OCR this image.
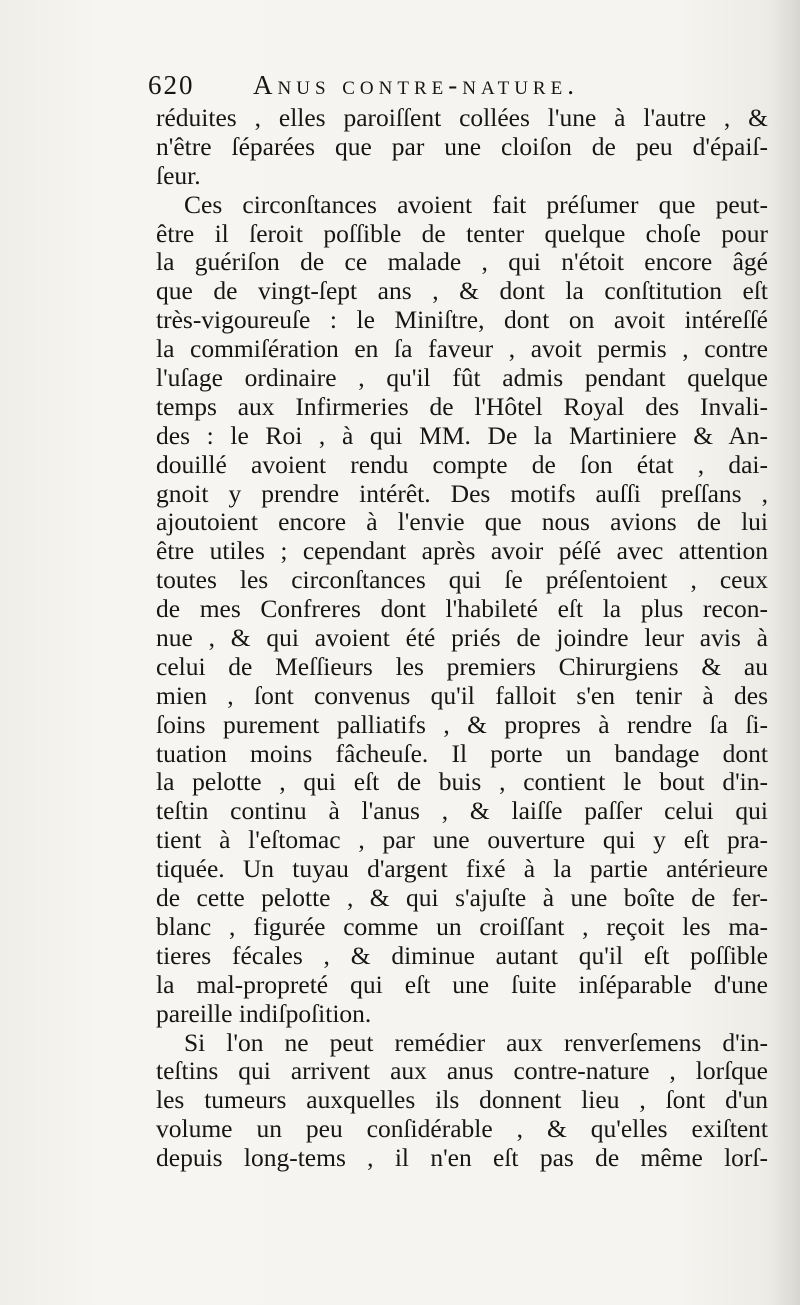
620 Anus contre-nature.
réduites , elles paroiſſent collées l'une à l'autre , &
n'être ſéparées que par une cloiſon de peu d'épaiſ-
ſeur.
Ces circonſtances avoient fait préſumer que peut-
être il ſeroit poſſible de tenter quelque choſe pour
la guériſon de ce malade , qui n'étoit encore âgé
que de vingt-ſept ans , & dont la conſtitution eſt
très-vigoureuſe : le Miniſtre, dont on avoit intéreſſé
la commiſération en ſa faveur , avoit permis , contre
l'uſage ordinaire , qu'il fût admis pendant quelque
temps aux Infirmeries de l'Hôtel Royal des Invali-
des : le Roi , à qui MM. De la Martiniere & An-
douillé avoient rendu compte de ſon état , dai-
gnoit y prendre intérêt. Des motifs auſſi preſſans ,
ajoutoient encore à l'envie que nous avions de lui
être utiles ; cependant après avoir péſé avec attention
toutes les circonſtances qui ſe préſentoient , ceux
de mes Confreres dont l'habileté eſt la plus recon-
nue , & qui avoient été priés de joindre leur avis à
celui de Meſſieurs les premiers Chirurgiens & au
mien , ſont convenus qu'il falloit s'en tenir à des
ſoins purement palliatifs , & propres à rendre ſa ſi-
tuation moins fâcheuſe. Il porte un bandage dont
la pelotte , qui eſt de buis , contient le bout d'in-
teſtin continu à l'anus , & laiſſe paſſer celui qui
tient à l'eſtomac , par une ouverture qui y eſt pra-
tiquée. Un tuyau d'argent fixé à la partie antérieure
de cette pelotte , & qui s'ajuſte à une boîte de fer-
blanc , figurée comme un croiſſant , reçoit les ma-
tieres fécales , & diminue autant qu'il eſt poſſible
la mal-propreté qui eſt une ſuite inſéparable d'une
pareille indiſpoſition.
Si l'on ne peut remédier aux renverſemens d'in-
teſtins qui arrivent aux anus contre-nature , lorſque
les tumeurs auxquelles ils donnent lieu , ſont d'un
volume un peu conſidérable , & qu'elles exiſtent
depuis long-tems , il n'en eſt pas de même lorſ-
